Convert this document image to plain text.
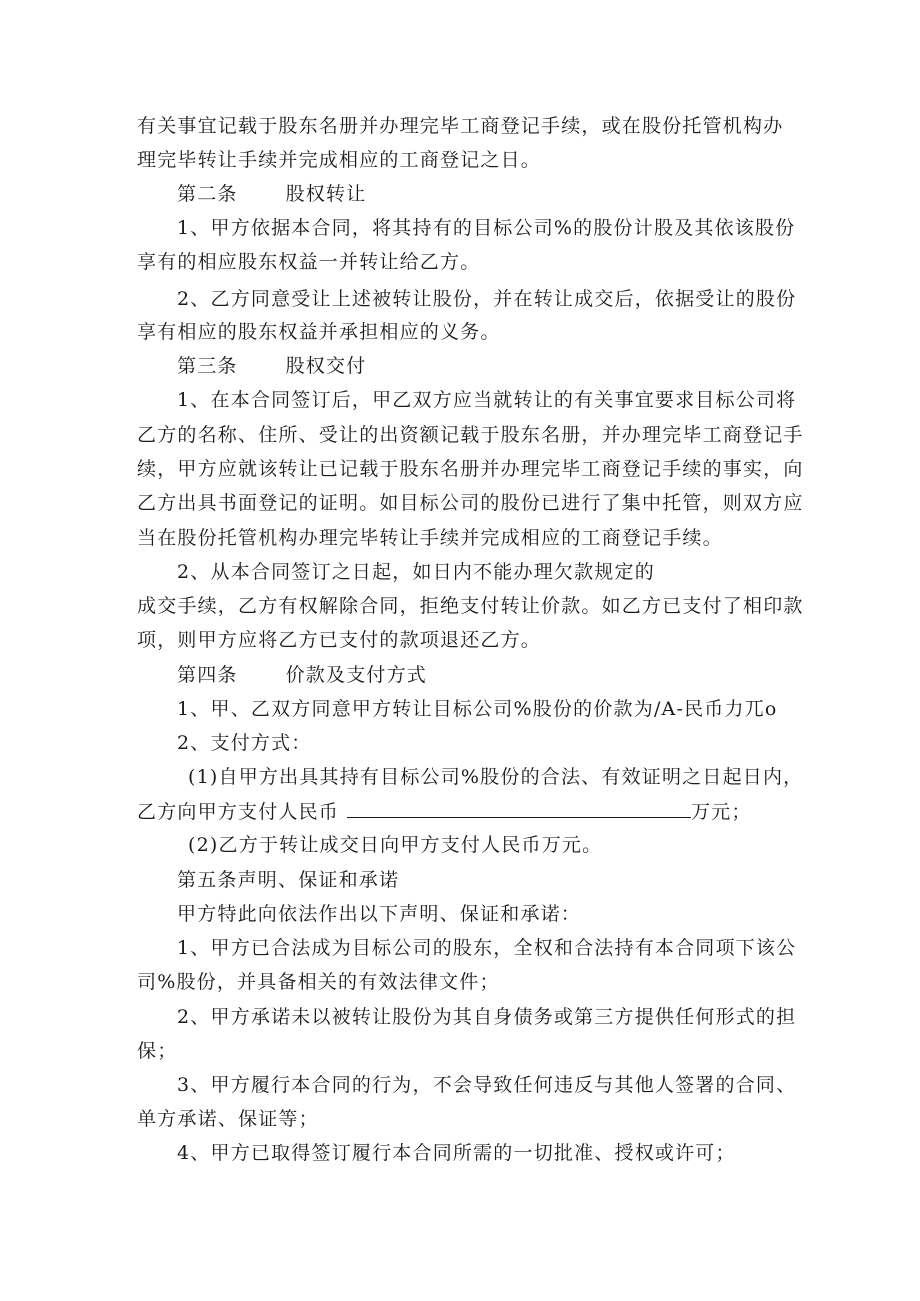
有关事宜记载于股东名册并办理完毕工商登记手续，或在股份托管机构办
理完毕转让手续并完成相应的工商登记之日。
第二条	股权转让
1、甲方依据本合同，将其持有的目标公司%的股份计股及其依该股份
享有的相应股东权益一并转让给乙方。
2、乙方同意受让上述被转让股份，并在转让成交后，依据受让的股份
享有相应的股东权益并承担相应的义务。
第三条	股权交付
1、在本合同签订后，甲乙双方应当就转让的有关事宜要求目标公司将
乙方的名称、住所、受让的出资额记载于股东名册，并办理完毕工商登记手
续，甲方应就该转让已记载于股东名册并办理完毕工商登记手续的事实，向
乙方出具书面登记的证明。如目标公司的股份已进行了集中托管，则双方应
当在股份托管机构办理完毕转让手续并完成相应的工商登记手续。
2、从本合同签订之日起，如日内不能办理欠款规定的
成交手续，乙方有权解除合同，拒绝支付转让价款。如乙方已支付了相印款
项，则甲方应将乙方已支付的款项退还乙方。
第四条	价款及支付方式
1、甲、乙双方同意甲方转让目标公司%股份的价款为/A-民币力兀o
2、支付方式：
(1)自甲方出具其持有目标公司%股份的合法、有效证明之日起日内，
乙方向甲方支付人民币	万元；
(2)乙方于转让成交日向甲方支付人民币万元。
第五条声明、保证和承诺
甲方特此向依法作出以下声明、保证和承诺：
1、甲方已合法成为目标公司的股东，全权和合法持有本合同项下该公
司%股份，并具备相关的有效法律文件；
2、甲方承诺未以被转让股份为其自身债务或第三方提供任何形式的担
保；
3、甲方履行本合同的行为，不会导致任何违反与其他人签署的合同、
单方承诺、保证等；
4、甲方已取得签订履行本合同所需的一切批准、授权或许可；
